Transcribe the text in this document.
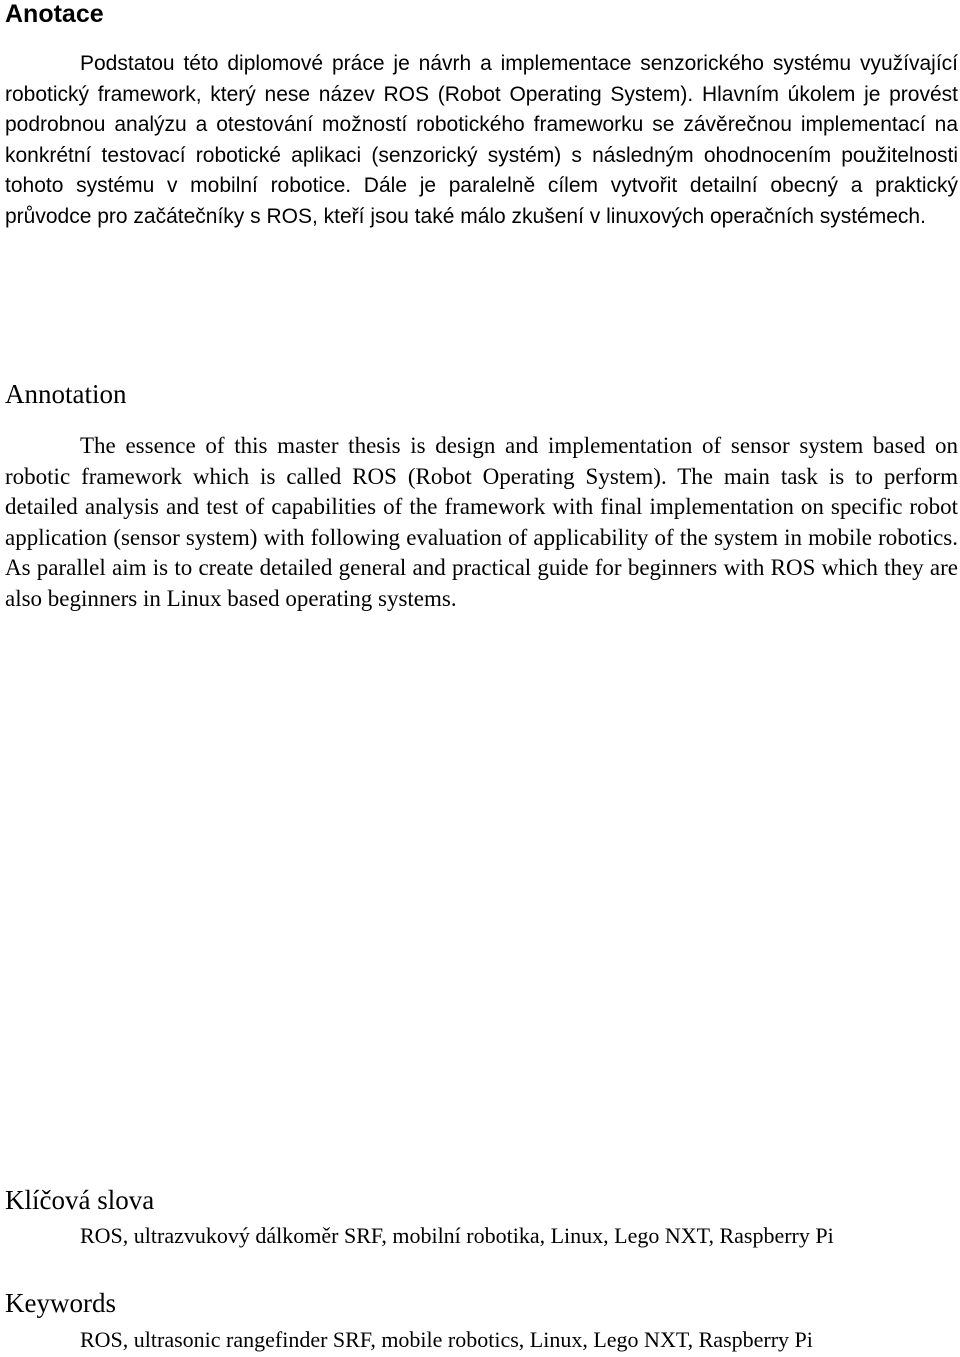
Anotace

Podstatou této diplomové práce je návrh a implementace senzorického systému využívající robotický framework, který nese název ROS (Robot Operating System). Hlavním úkolem je provést podrobnou analýzu a otestování možností robotického frameworku se závěrečnou implementací na konkrétní testovací robotické aplikaci (senzorický systém) s následným ohodnocením použitelnosti tohoto systému v mobilní robotice. Dále je paralelně cílem vytvořit detailní obecný a praktický průvodce pro začátečníky s ROS, kteří jsou také málo zkušení v linuxových operačních systémech.

Annotation

The essence of this master thesis is design and implementation of sensor system based on robotic framework which is called ROS (Robot Operating System). The main task is to perform detailed analysis and test of capabilities of the framework with final implementation on specific robot application (sensor system) with following evaluation of applicability of the system in mobile robotics. As parallel aim is to create detailed general and practical guide for beginners with ROS which they are also beginners in Linux based operating systems.

Klíčová slova

ROS, ultrazvukový dálkoměr SRF, mobilní robotika, Linux, Lego NXT, Raspberry Pi

Keywords

ROS, ultrasonic rangefinder SRF, mobile robotics, Linux, Lego NXT, Raspberry Pi
